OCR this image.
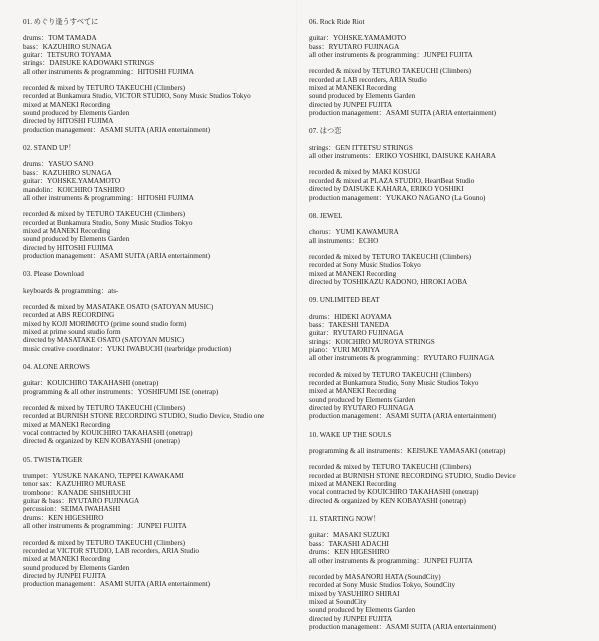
01. めぐり逢うすべてに
drums：TOM TAMADA
bass：KAZUHIRO SUNAGA
guitar：TETSURO TOYAMA
strings：DAISUKE KADOWAKI STRINGS
all other instruments & programming：HITOSHI FUJIMA
recorded & mixed by TETURO TAKEUCHI (Climbers)
recorded at Bunkamura Studio, VICTOR STUDIO, Sony Music Studios Tokyo
mixed at MANEKI Recording
sound produced by Elements Garden
directed by HITOSHI FUJIMA
production management：ASAMI SUITA (ARIA entertainment)
02. STAND UP！
drums：YASUO SANO
bass：KAZUHIRO SUNAGA
guitar：YOHSKE.YAMAMOTO
mandolin：KOICHIRO TASHIRO
all other instruments & programming：HITOSHI FUJIMA
recorded & mixed by TETURO TAKEUCHI (Climbers)
recorded at Bunkamura Studio, Sony Music Studios Tokyo
mixed at MANEKI Recording
sound produced by Elements Garden
directed by HITOSHI FUJIMA
production management：ASAMI SUITA (ARIA entertainment)
03. Please Download
keyboards & programming：ats-
recorded & mixed by MASATAKE OSATO (SATOYAN MUSIC)
recorded at ABS RECORDING
mixed by KOJI MORIMOTO (prime sound studio form)
mixed at prime sound studio form
directed by MASATAKE OSATO (SATOYAN MUSIC)
music creative coordinator：YUKI IWABUCHI (tearbridge production)
04. ALONE ARROWS
guitar：KOUICHIRO TAKAHASHI (onetrap)
programming & all other instruments：YOSHIFUMI ISE (onetrap)
recorded & mixed by TETURO TAKEUCHI (Climbers)
recorded at BURNISH STONE RECORDING STUDIO, Studio Device, Studio one
mixed at MANEKI Recording
vocal contracted by KOUICHIRO TAKAHASHI (onetrap)
directed & organized by KEN KOBAYASHI (onetrap)
05. TWIST&TIGER
trumpet：YUSUKE NAKANO, TEPPEI KAWAKAMI
tenor sax：KAZUHIRO MURASE
trombone：KANADE SHISHIUCHI
guitar & bass：RYUTARO FUJINAGA
percussion：SEIMA IWAHASHI
drums：KEN HIGESHIRO
all other instruments & programming：JUNPEI FUJITA
recorded & mixed by TETURO TAKEUCHI (Climbers)
recorded at VICTOR STUDIO, LAB recorders, ARIA Studio
mixed at MANEKI Recording
sound produced by Elements Garden
directed by JUNPEI FUJITA
production management：ASAMI SUITA (ARIA entertainment)
06. Rock Ride Riot
guitar：YOHSKE.YAMAMOTO
bass：RYUTARO FUJINAGA
all other instruments & programming：JUNPEI FUJITA
recorded & mixed by TETURO TAKEUCHI (Climbers)
recorded at LAB recorders, ARIA Studio
mixed at MANEKI Recording
sound produced by Elements Garden
directed by JUNPEI FUJITA
production management：ASAMI SUITA (ARIA entertainment)
07. はつ恋
strings：GEN ITTETSU STRINGS
all other instruments：ERIKO YOSHIKI, DAISUKE KAHARA
recorded & mixed by MAKI KOSUGI
recorded & mixed at PLAZA STUDIO, HeartBeat Studio
directed by DAISUKE KAHARA, ERIKO YOSHIKI
production management：YUKAKO NAGANO (La Gouno)
08. JEWEL
chorus：YUMI KAWAMURA
all instruments：ECHO
recorded & mixed by TETURO TAKEUCHI (Climbers)
recorded at Sony Music Studios Tokyo
mixed at MANEKI Recording
directed by TOSHIKAZU KADONO, HIROKI AOBA
09. UNLIMITED BEAT
drums：HIDEKI AOYAMA
bass：TAKESHI TANEDA
guitar：RYUTARO FUJINAGA
strings：KOICHIRO MUROYA STRINGS
piano：YURI MORIYA
all other instruments & programming：RYUTARO FUJINAGA
recorded & mixed by TETURO TAKEUCHI (Climbers)
recorded at Bunkamura Studio, Sony Music Studios Tokyo
mixed at MANEKI Recording
sound produced by Elements Garden
directed by RYUTARO FUJINAGA
production management：ASAMI SUITA (ARIA entertainment)
10. WAKE UP THE SOULS
programming & all instruments：KEISUKE YAMASAKI (onetrap)
recorded & mixed by TETURO TAKEUCHI (Climbers)
recorded at BURNISH STONE RECORDING STUDIO, Studio Device
mixed at MANEKI Recording
vocal contracted by KOUICHIRO TAKAHASHI (onetrap)
directed & organized by KEN KOBAYASHI (onetrap)
11. STARTING NOW！
guitar：MASAKI SUZUKI
bass：TAKASHI ADACHI
drums：KEN HIGESHIRO
all other instruments & programming：JUNPEI FUJITA
recorded by MASANORI HATA (SoundCity)
recorded at Sony Music Studios Tokyo, SoundCity
mixed by YASUHIRO SHIRAI
mixed at SoundCity
sound produced by Elements Garden
directed by JUNPEI FUJITA
production management：ASAMI SUITA (ARIA entertainment)
